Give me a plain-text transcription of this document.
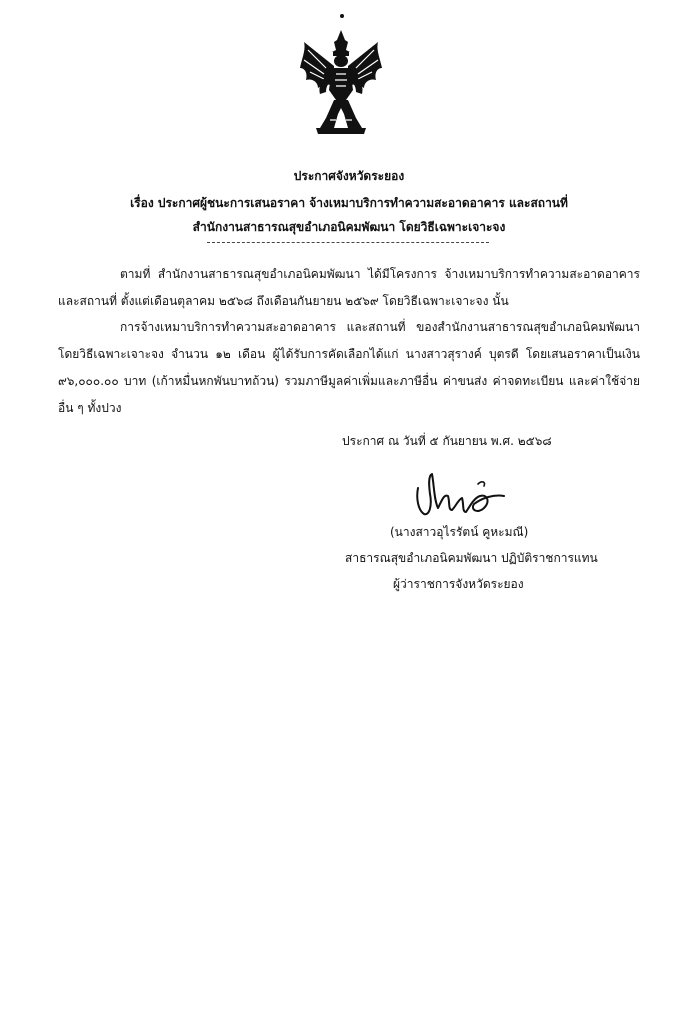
ประกาศจังหวัดระยอง
เรื่อง ประกาศผู้ชนะการเสนอราคา จ้างเหมาบริการทำความสะอาดอาคาร และสถานที่
สำนักงานสาธารณสุขอำเภอนิคมพัฒนา โดยวิธีเฉพาะเจาะจง

ตามที่ สำนักงานสาธารณสุขอำเภอนิคมพัฒนา ได้มีโครงการ จ้างเหมาบริการทำความสะอาดอาคาร และสถานที่ ตั้งแต่เดือนตุลาคม ๒๕๖๘ ถึงเดือนกันยายน ๒๕๖๙ โดยวิธีเฉพาะเจาะจง นั้น

การจ้างเหมาบริการทำความสะอาดอาคาร และสถานที่ ของสำนักงานสาธารณสุขอำเภอนิคมพัฒนา โดยวิธีเฉพาะเจาะจง จำนวน ๑๒ เดือน ผู้ได้รับการคัดเลือกได้แก่ นางสาวสุรางค์ บุตรดี โดยเสนอราคาเป็นเงิน ๙๖,๐๐๐.๐๐ บาท (เก้าหมื่นหกพันบาทถ้วน) รวมภาษีมูลค่าเพิ่มและภาษีอื่น ค่าขนส่ง ค่าจดทะเบียน และค่าใช้จ่ายอื่น ๆ ทั้งปวง

ประกาศ ณ วันที่ ๕ กันยายน พ.ศ. ๒๕๖๘
(นางสาวอุไรรัตน์ คูหะมณี)
สาธารณสุขอำเภอนิคมพัฒนา ปฏิบัติราชการแทน
ผู้ว่าราชการจังหวัดระยอง
